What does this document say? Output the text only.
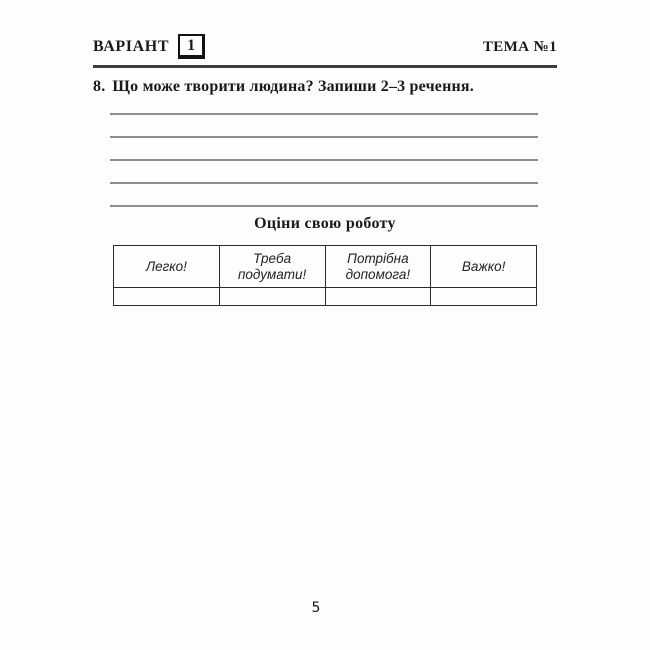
ВАРІАНТ 1	ТЕМА №1
8. Що може творити людина? Запиши 2–3 речення.
Оціни свою роботу
Легко!	Треба подумати!	Потрібна допомога!	Важко!

5
